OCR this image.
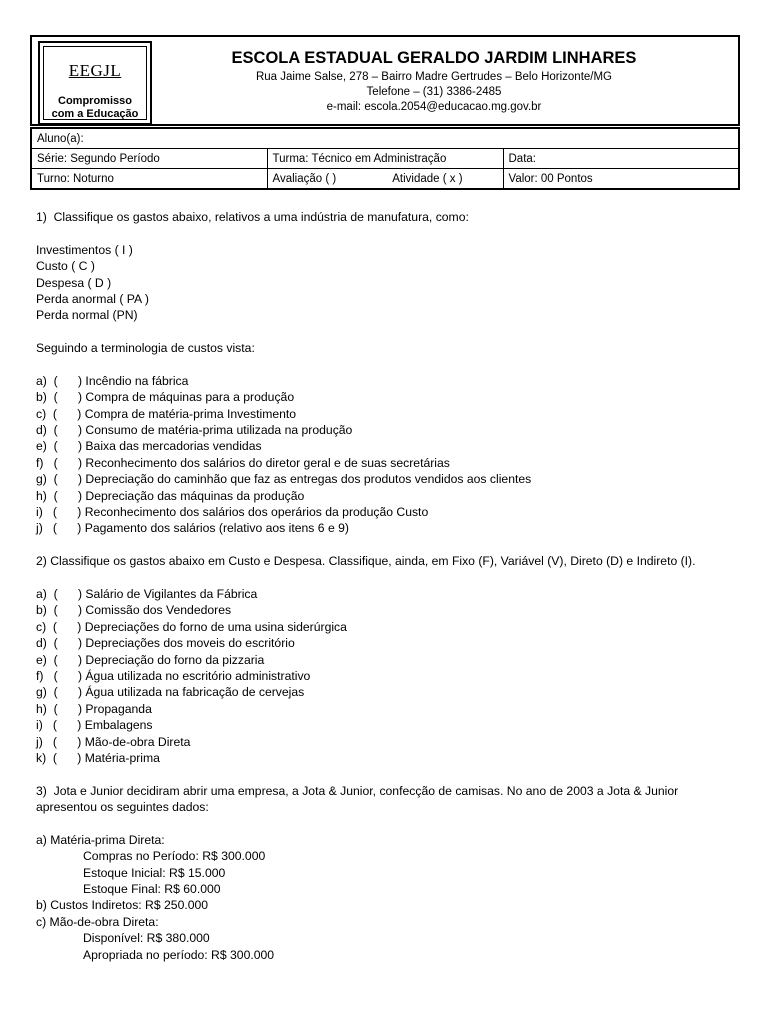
EEGJL
Compromisso
com a Educação
ESCOLA ESTADUAL GERALDO JARDIM LINHARES
Rua Jaime Salse, 278 – Bairro Madre Gertrudes – Belo Horizonte/MG
Telefone – (31) 3386-2485
e-mail: escola.2054@educacao.mg.gov.br
Aluno(a):		
Série: Segundo Período	Turma: Técnico em Administração	Data:
Turno: Noturno	Avaliação ( ) Atividade ( x )	Valor: 00 Pontos
1)  Classifique os gastos abaixo, relativos a uma indústria de manufatura, como:
Investimentos ( I )
Custo ( C )
Despesa ( D )
Perda anormal ( PA )
Perda normal (PN)
Seguindo a terminologia de custos vista:
a)  (      ) Incêndio na fábrica
b)  (      ) Compra de máquinas para a produção
c)  (      ) Compra de matéria-prima Investimento
d)  (      ) Consumo de matéria-prima utilizada na produção
e)  (      ) Baixa das mercadorias vendidas
f)   (      ) Reconhecimento dos salários do diretor geral e de suas secretárias
g)  (      ) Depreciação do caminhão que faz as entregas dos produtos vendidos aos clientes
h)  (      ) Depreciação das máquinas da produção
i)   (      ) Reconhecimento dos salários dos operários da produção Custo
j)   (      ) Pagamento dos salários (relativo aos itens 6 e 9)
2) Classifique os gastos abaixo em Custo e Despesa. Classifique, ainda, em Fixo (F), Variável (V), Direto (D) e Indireto (I).
a)  (      ) Salário de Vigilantes da Fábrica
b)  (      ) Comissão dos Vendedores
c)  (      ) Depreciações do forno de uma usina siderúrgica
d)  (      ) Depreciações dos moveis do escritório
e)  (      ) Depreciação do forno da pizzaria
f)   (      ) Água utilizada no escritório administrativo
g)  (      ) Água utilizada na fabricação de cervejas
h)  (      ) Propaganda
i)   (      ) Embalagens
j)   (      ) Mão-de-obra Direta
k)  (      ) Matéria-prima
3)  Jota e Junior decidiram abrir uma empresa, a Jota & Junior, confecção de camisas. No ano de 2003 a Jota & Junior
apresentou os seguintes dados:
a) Matéria-prima Direta:
Compras no Período: R$ 300.000
Estoque Inicial: R$ 15.000
Estoque Final: R$ 60.000
b) Custos Indiretos: R$ 250.000
c) Mão-de-obra Direta:
Disponível: R$ 380.000
Apropriada no período: R$ 300.000
